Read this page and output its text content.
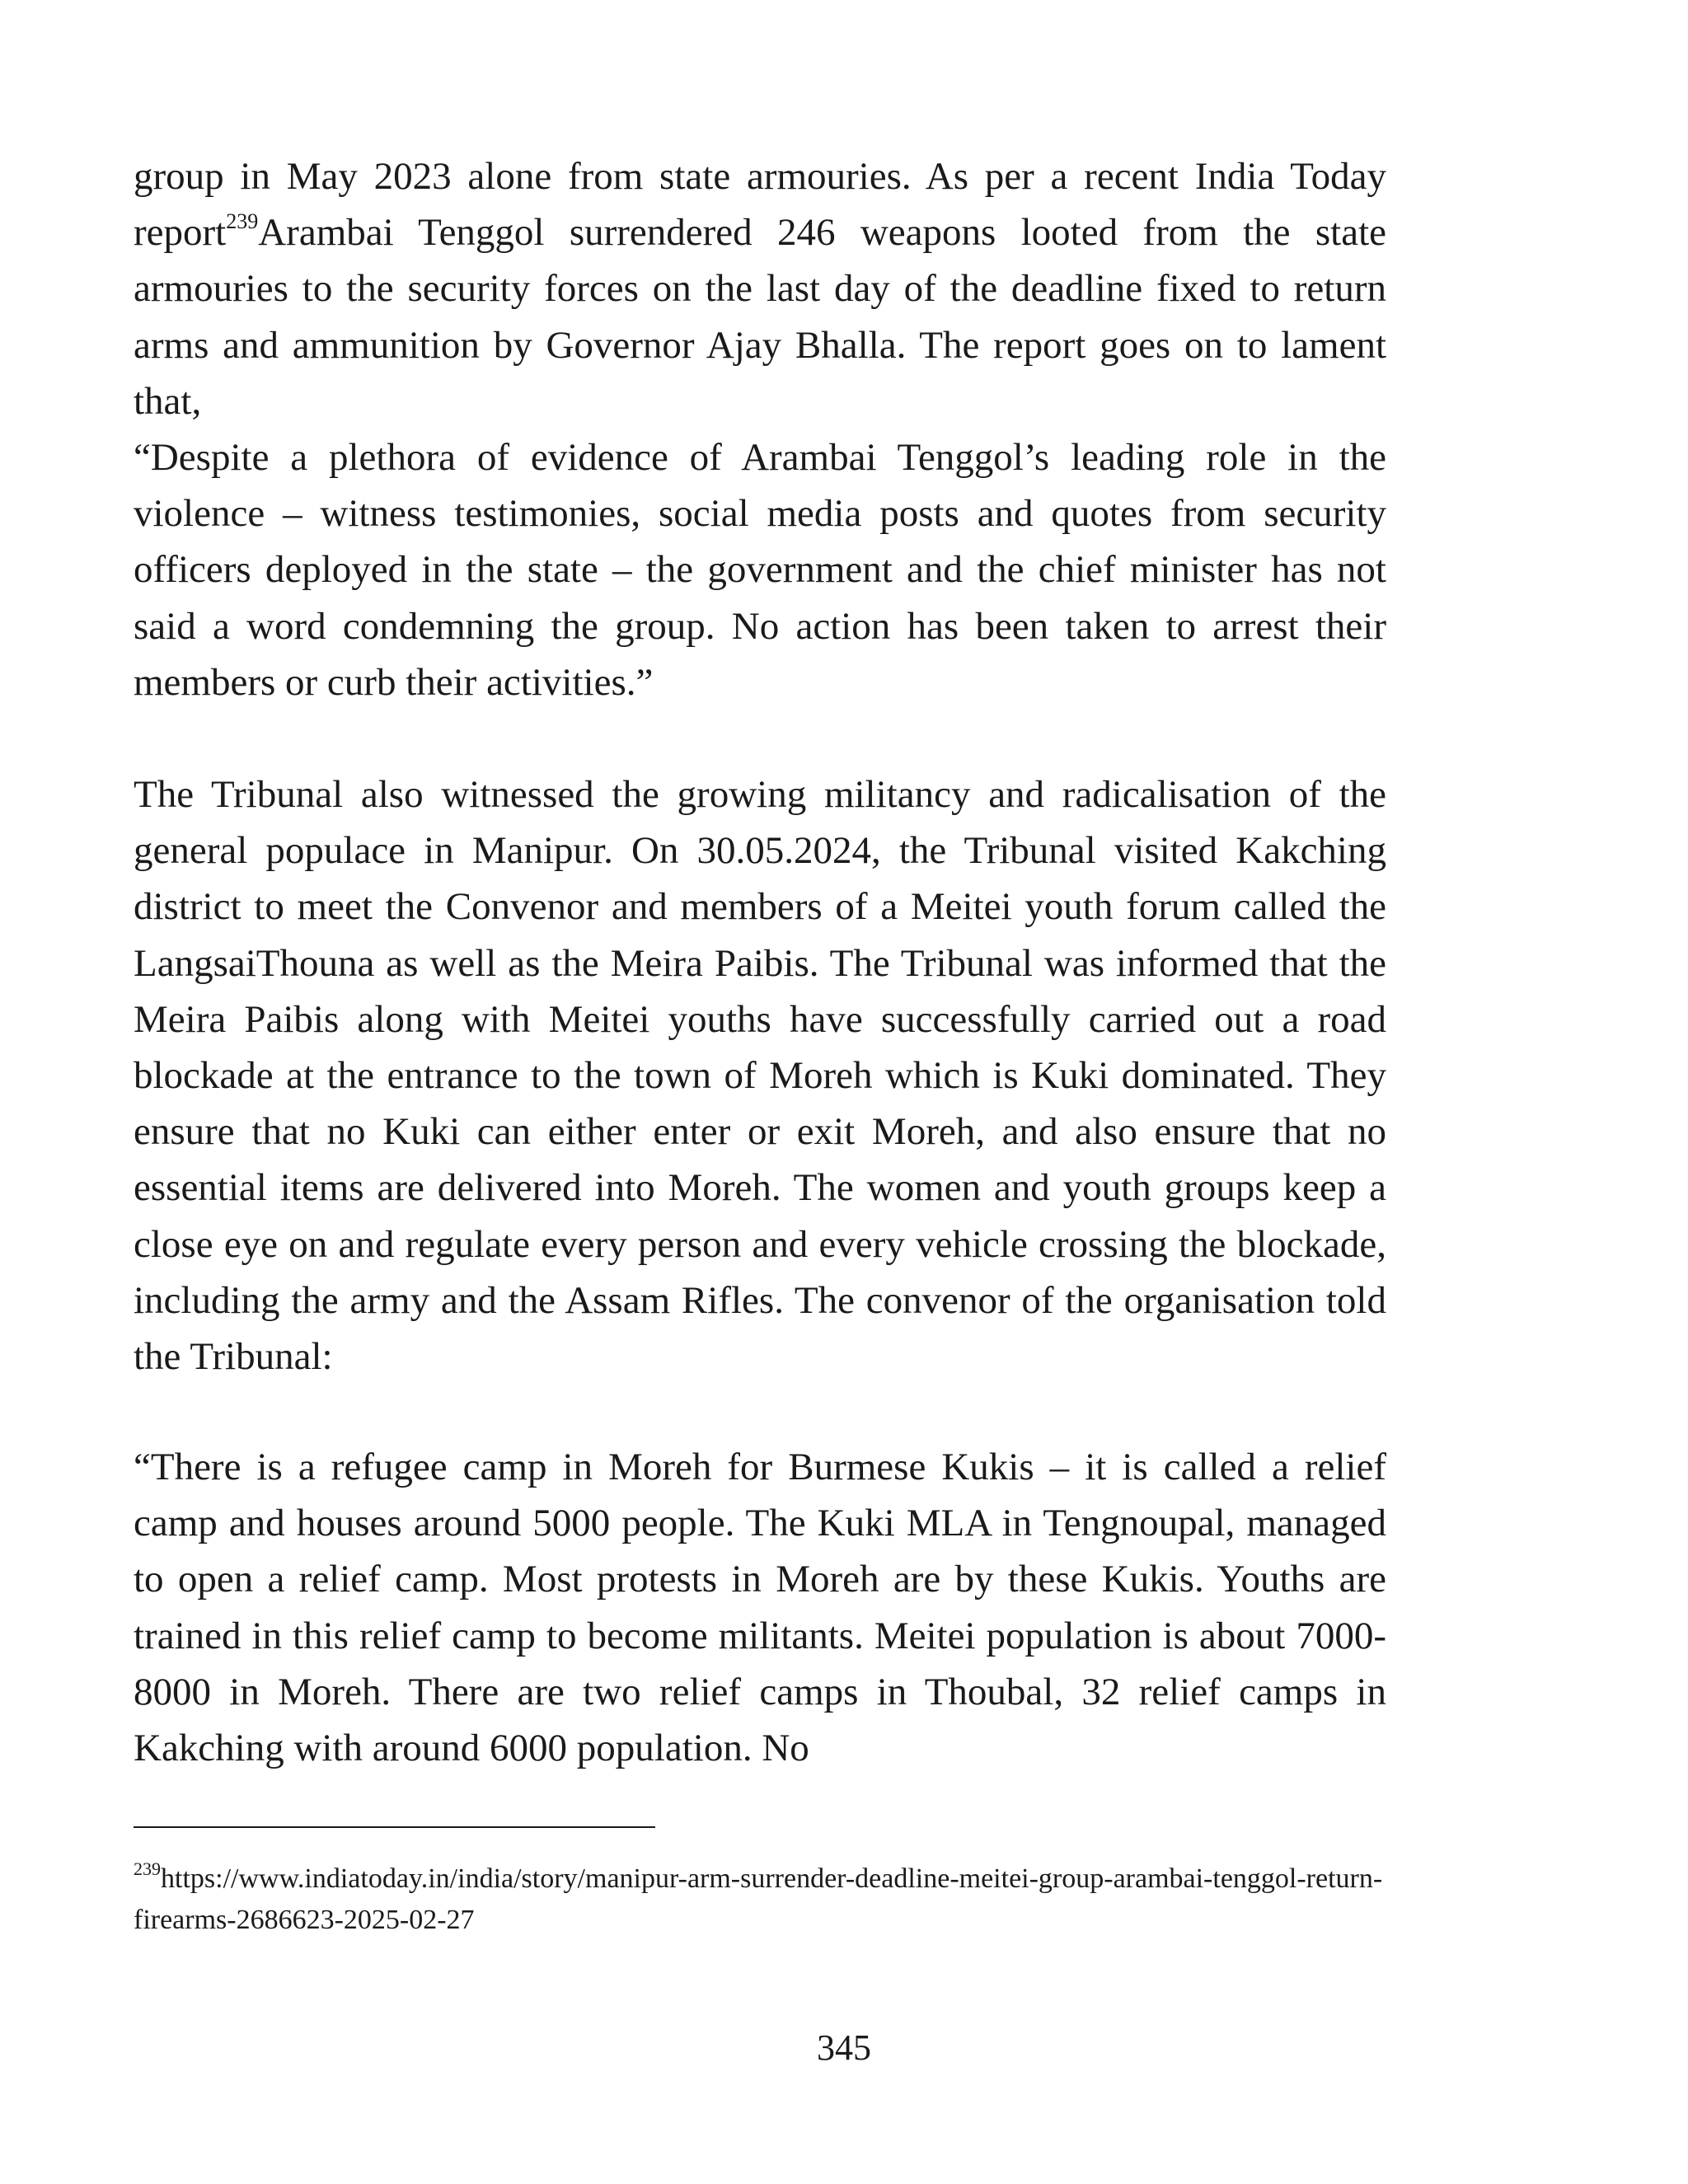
group in May 2023 alone from state armouries. As per a recent India Today report$^{239}$Arambai Tenggol surrendered 246 weapons looted from the state armouries to the security forces on the last day of the deadline fixed to return arms and ammunition by Governor Ajay Bhalla. The report goes on to lament that,

“Despite a plethora of evidence of Arambai Tenggol’s leading role in the violence – witness testimonies, social media posts and quotes from security officers deployed in the state – the government and the chief minister has not said a word condemning the group. No action has been taken to arrest their members or curb their activities.”

The Tribunal also witnessed the growing militancy and radicalisation of the general populace in Manipur. On 30.05.2024, the Tribunal visited Kakching district to meet the Convenor and members of a Meitei youth forum called the LangsaiThouna as well as the Meira Paibis. The Tribunal was informed that the Meira Paibis along with Meitei youths have successfully carried out a road blockade at the entrance to the town of Moreh which is Kuki dominated. They ensure that no Kuki can either enter or exit Moreh, and also ensure that no essential items are delivered into Moreh. The women and youth groups keep a close eye on and regulate every person and every vehicle crossing the blockade, including the army and the Assam Rifles. The convenor of the organisation told the Tribunal:

“There is a refugee camp in Moreh for Burmese Kukis – it is called a relief camp and houses around 5000 people. The Kuki MLA in Tengnoupal, managed to open a relief camp. Most protests in Moreh are by these Kukis. Youths are trained in this relief camp to become militants. Meitei population is about 7000-8000 in Moreh. There are two relief camps in Thoubal, 32 relief camps in Kakching with around 6000 population. No

$^{239}$https://www.indiatoday.in/india/story/manipur-arm-surrender-deadline-meitei-group-arambai-tenggol-return-firearms-2686623-2025-02-27

345
